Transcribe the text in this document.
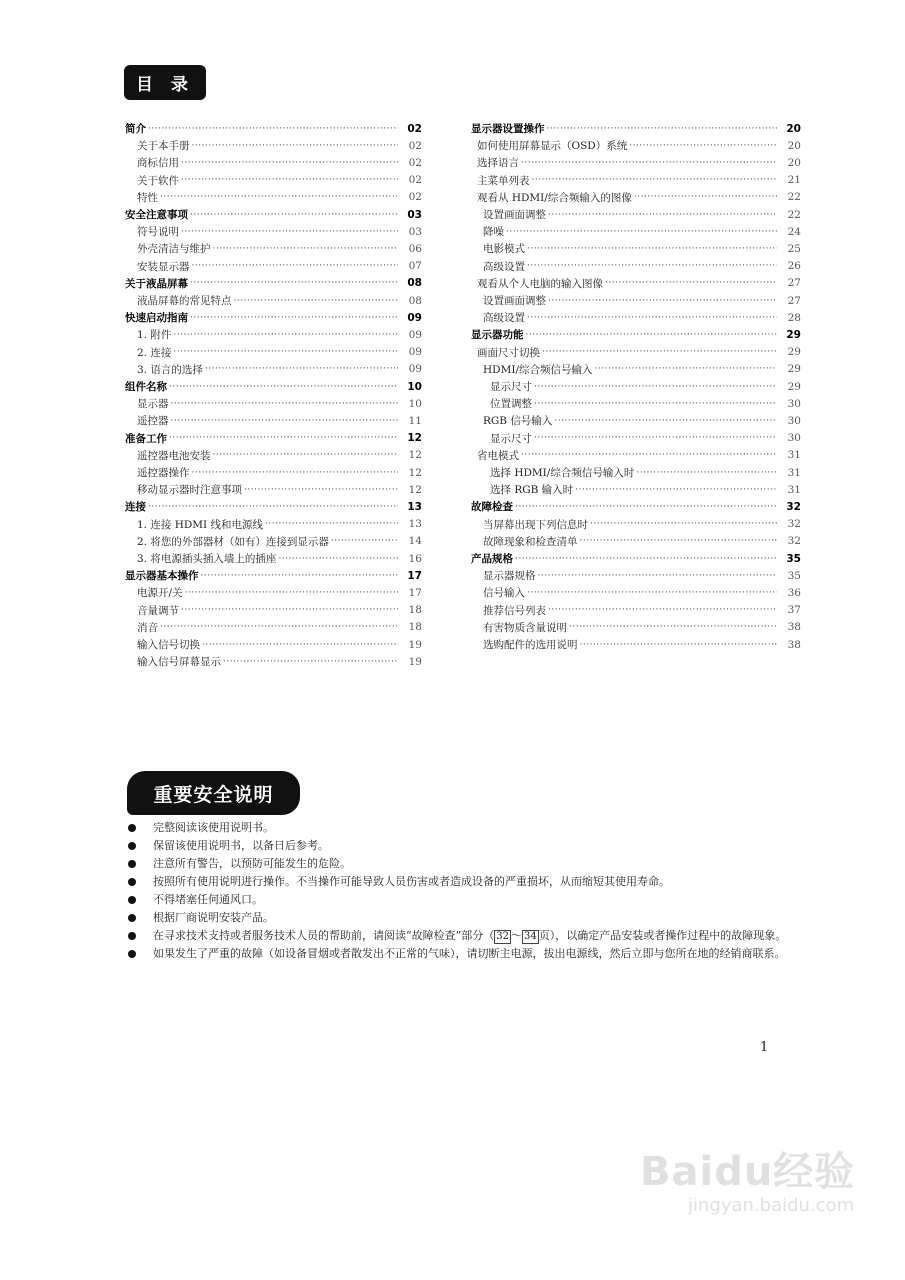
目 录
简介 ·····	02
关于本手册 ·····	02
商标信用 ·····	02
关于软件 ·····	02
特性 ·····	02
安全注意事项 ·····	03
符号说明 ·····	03
外壳清洁与维护 ·····	06
安装显示器 ·····	07
关于液晶屏幕 ·····	08
液晶屏幕的常见特点 ·····	08
快速启动指南 ·····	09
1. 附件 ·····	09
2. 连接 ·····	09
3. 语言的选择 ·····	09
组件名称 ·····	10
显示器 ·····	10
遥控器 ·····	11
准备工作 ·····	12
遥控器电池安装 ·····	12
遥控器操作 ·····	12
移动显示器时注意事项 ·····	12
连接 ·····	13
1. 连接 HDMI 线和电源线 ·····	13
2. 将您的外部器材（如有）连接到显示器 ·····	14
3. 将电源插头插入墙上的插座 ·····	16
显示器基本操作 ·····	17
电源开/关 ·····	17
音量调节 ·····	18
消音 ·····	18
输入信号切换 ·····	19
输入信号屏幕显示 ·····	19
显示器设置操作 ·····	20
如何使用屏幕显示（OSD）系统 ·····	20
选择语言 ·····	20
主菜单列表 ·····	21
观看从 HDMI/综合频输入的图像 ·····	22
设置画面调整 ·····	22
降噪 ·····	24
电影模式 ·····	25
高级设置 ·····	26
观看从个人电脑的输入图像 ·····	27
设置画面调整 ·····	27
高级设置 ·····	28
显示器功能 ·····	29
画面尺寸切换 ·····	29
HDMI/综合频信号输入 ·····	29
显示尺寸 ·····	29
位置调整 ·····	30
RGB 信号输入 ·····	30
显示尺寸 ·····	30
省电模式 ·····	31
选择 HDMI/综合频信号输入时 ·····	31
选择 RGB 输入时 ·····	31
故障检查 ·····	32
当屏幕出现下列信息时 ·····	32
故障现象和检查清单 ·····	32
产品规格 ·····	35
显示器规格 ·····	35
信号输入 ·····	36
推荐信号列表 ·····	37
有害物质含量说明 ·····	38
选购配件的选用说明 ·····	38
重要安全说明
完整阅读该使用说明书。
保留该使用说明书，以备日后参考。
注意所有警告，以预防可能发生的危险。
按照所有使用说明进行操作。不当操作可能导致人员伤害或者造成设备的严重损坏，从而缩短其使用寿命。
不得堵塞任何通风口。
根据厂商说明安装产品。
在寻求技术支持或者服务技术人员的帮助前，请阅读“故障检查”部分（ 32 ～ 34 页），以确定产品安装或者操作过程中的故障现象。
如果发生了严重的故障（如设备冒烟或者散发出不正常的气味），请切断主电源，拔出电源线，然后立即与您所在地的经销商联系。
1
Baidu经验
jingyan.baidu.com
